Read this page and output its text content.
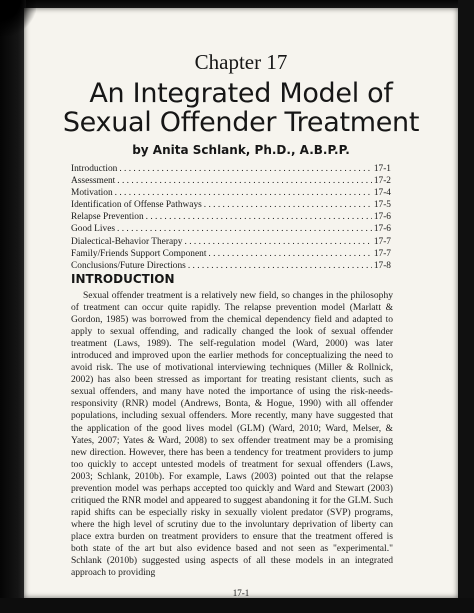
Chapter 17
An Integrated Model of
Sexual Offender Treatment
by Anita Schlank, Ph.D., A.B.P.P.
Introduction . . .	17-1
Assessment . . .	17-2
Motivation . . .	17-4
Identification of Offense Pathways . . .	17-5
Relapse Prevention . . .	17-6
Good Lives . . .	17-6
Dialectical-Behavior Therapy . . .	17-7
Family/Friends Support Component . . .	17-7
Conclusions/Future Directions . . .	17-8
INTRODUCTION

Sexual offender treatment is a relatively new field, so changes in the philosophy of treatment can occur quite rapidly. The relapse prevention model (Marlatt & Gordon, 1985) was borrowed from the chemical dependency field and adapted to apply to sexual offending, and radically changed the look of sexual offender treatment (Laws, 1989). The self-regulation model (Ward, 2000) was later introduced and improved upon the earlier methods for conceptualizing the need to avoid risk. The use of motivational interviewing techniques (Miller & Rollnick, 2002) has also been stressed as important for treating resistant clients, such as sexual offenders, and many have noted the importance of using the risk-needs-responsivity (RNR) model (Andrews, Bonta, & Hogue, 1990) with all offender populations, including sexual offenders. More recently, many have suggested that the application of the good lives model (GLM) (Ward, 2010; Ward, Melser, & Yates, 2007; Yates & Ward, 2008) to sex offender treatment may be a promising new direction. However, there has been a tendency for treatment providers to jump too quickly to accept untested models of treatment for sexual offenders (Laws, 2003; Schlank, 2010b). For example, Laws (2003) pointed out that the relapse prevention model was perhaps accepted too quickly and Ward and Stewart (2003) critiqued the RNR model and appeared to suggest abandoning it for the GLM. Such rapid shifts can be especially risky in sexually violent predator (SVP) programs, where the high level of scrutiny due to the involuntary deprivation of liberty can place extra burden on treatment providers to ensure that the treatment offered is both state of the art but also evidence based and not seen as "experimental." Schlank (2010b) suggested using aspects of all these models in an integrated approach to providing

17-1
